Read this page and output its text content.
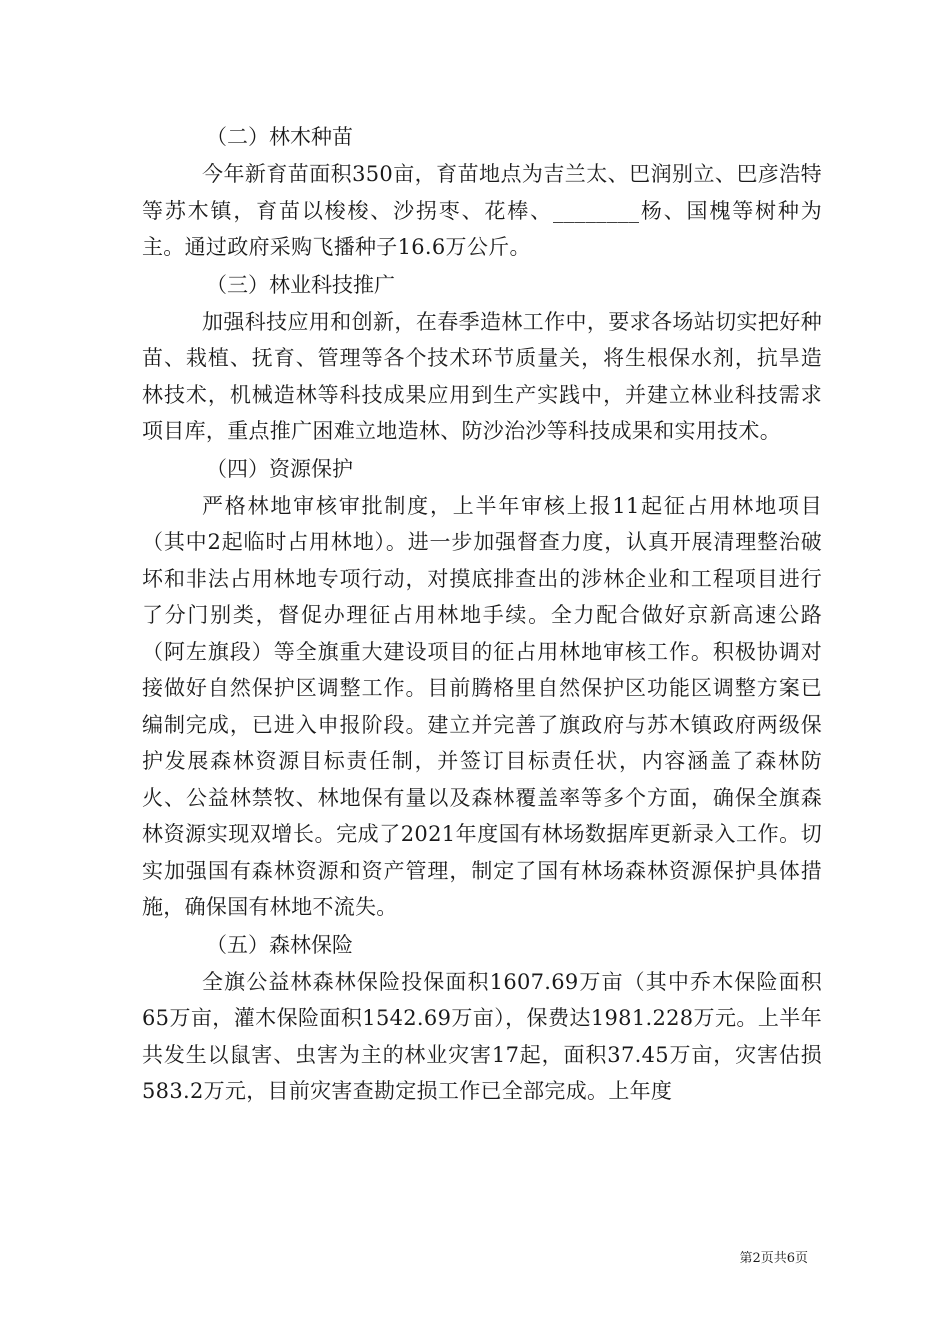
（二）林木种苗

今年新育苗面积350亩，育苗地点为吉兰太、巴润别立、巴彦浩特等苏木镇，育苗以梭梭、沙拐枣、花棒、________杨、国槐等树种为主。通过政府采购飞播种子16.6万公斤。

（三）林业科技推广

加强科技应用和创新，在春季造林工作中，要求各场站切实把好种苗、栽植、抚育、管理等各个技术环节质量关，将生根保水剂，抗旱造林技术，机械造林等科技成果应用到生产实践中，并建立林业科技需求项目库，重点推广困难立地造林、防沙治沙等科技成果和实用技术。

（四）资源保护

严格林地审核审批制度，上半年审核上报11起征占用林地项目（其中2起临时占用林地）。进一步加强督查力度，认真开展清理整治破坏和非法占用林地专项行动，对摸底排查出的涉林企业和工程项目进行了分门别类，督促办理征占用林地手续。全力配合做好京新高速公路（阿左旗段）等全旗重大建设项目的征占用林地审核工作。积极协调对接做好自然保护区调整工作。目前腾格里自然保护区功能区调整方案已编制完成，已进入申报阶段。建立并完善了旗政府与苏木镇政府两级保护发展森林资源目标责任制，并签订目标责任状，内容涵盖了森林防火、公益林禁牧、林地保有量以及森林覆盖率等多个方面，确保全旗森林资源实现双增长。完成了2021年度国有林场数据库更新录入工作。切实加强国有森林资源和资产管理，制定了国有林场森林资源保护具体措施，确保国有林地不流失。

（五）森林保险

全旗公益林森林保险投保面积1607.69万亩（其中乔木保险面积65万亩，灌木保险面积1542.69万亩），保费达1981.228万元。上半年共发生以鼠害、虫害为主的林业灾害17起，面积37.45万亩，灾害估损583.2万元，目前灾害查勘定损工作已全部完成。上年度

第2页共6页
